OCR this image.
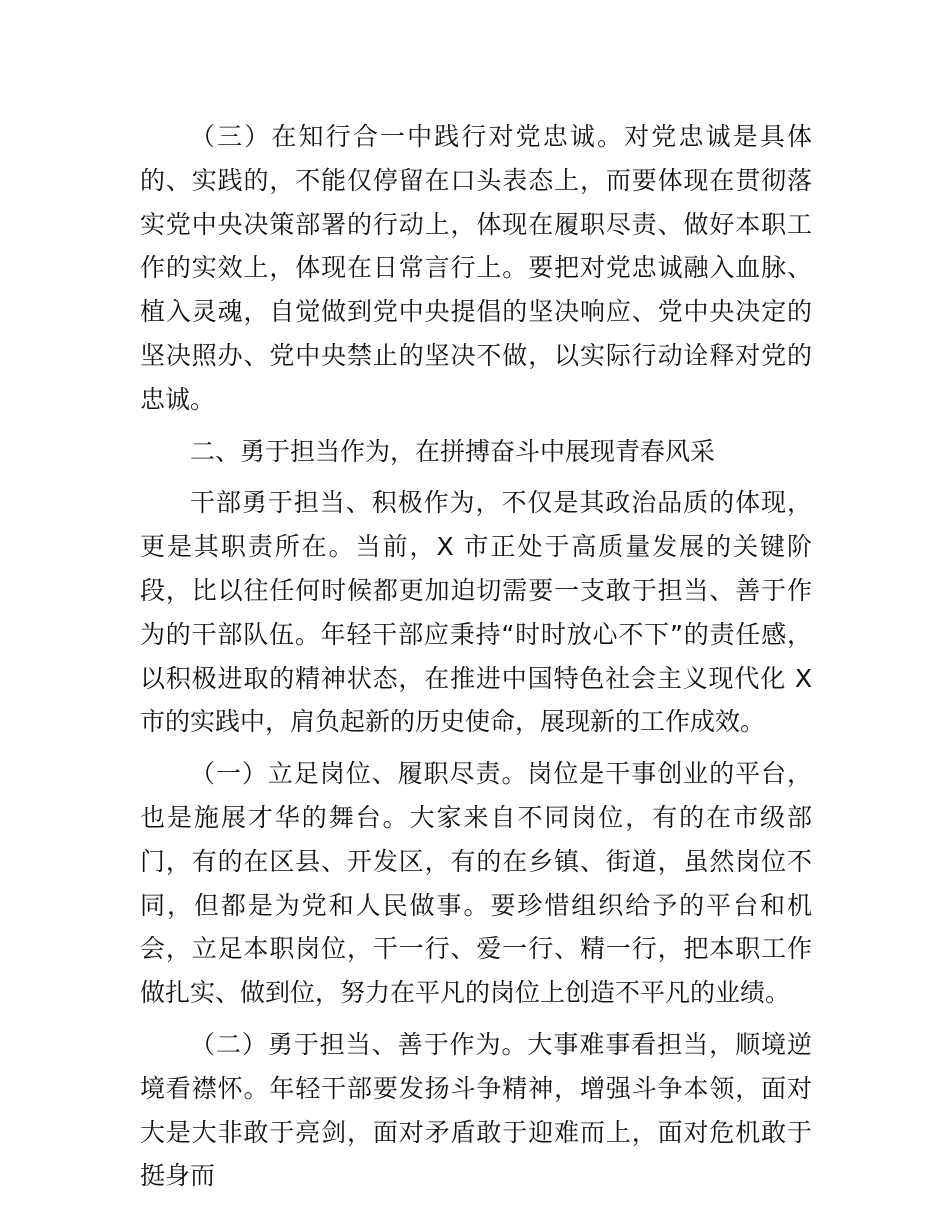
（三）在知行合一中践行对党忠诚。对党忠诚是具体的、实践的，不能仅停留在口头表态上，而要体现在贯彻落实党中央决策部署的行动上，体现在履职尽责、做好本职工作的实效上，体现在日常言行上。要把对党忠诚融入血脉、植入灵魂，自觉做到党中央提倡的坚决响应、党中央决定的坚决照办、党中央禁止的坚决不做，以实际行动诠释对党的忠诚。

二、勇于担当作为，在拼搏奋斗中展现青春风采

干部勇于担当、积极作为，不仅是其政治品质的体现，更是其职责所在。当前，X 市正处于高质量发展的关键阶段，比以往任何时候都更加迫切需要一支敢于担当、善于作为的干部队伍。年轻干部应秉持“时时放心不下”的责任感，以积极进取的精神状态，在推进中国特色社会主义现代化 X 市的实践中，肩负起新的历史使命，展现新的工作成效。

（一）立足岗位、履职尽责。岗位是干事创业的平台，也是施展才华的舞台。大家来自不同岗位，有的在市级部门，有的在区县、开发区，有的在乡镇、街道，虽然岗位不同，但都是为党和人民做事。要珍惜组织给予的平台和机会，立足本职岗位，干一行、爱一行、精一行，把本职工作做扎实、做到位，努力在平凡的岗位上创造不平凡的业绩。

（二）勇于担当、善于作为。大事难事看担当，顺境逆境看襟怀。年轻干部要发扬斗争精神，增强斗争本领，面对大是大非敢于亮剑，面对矛盾敢于迎难而上，面对危机敢于挺身而
